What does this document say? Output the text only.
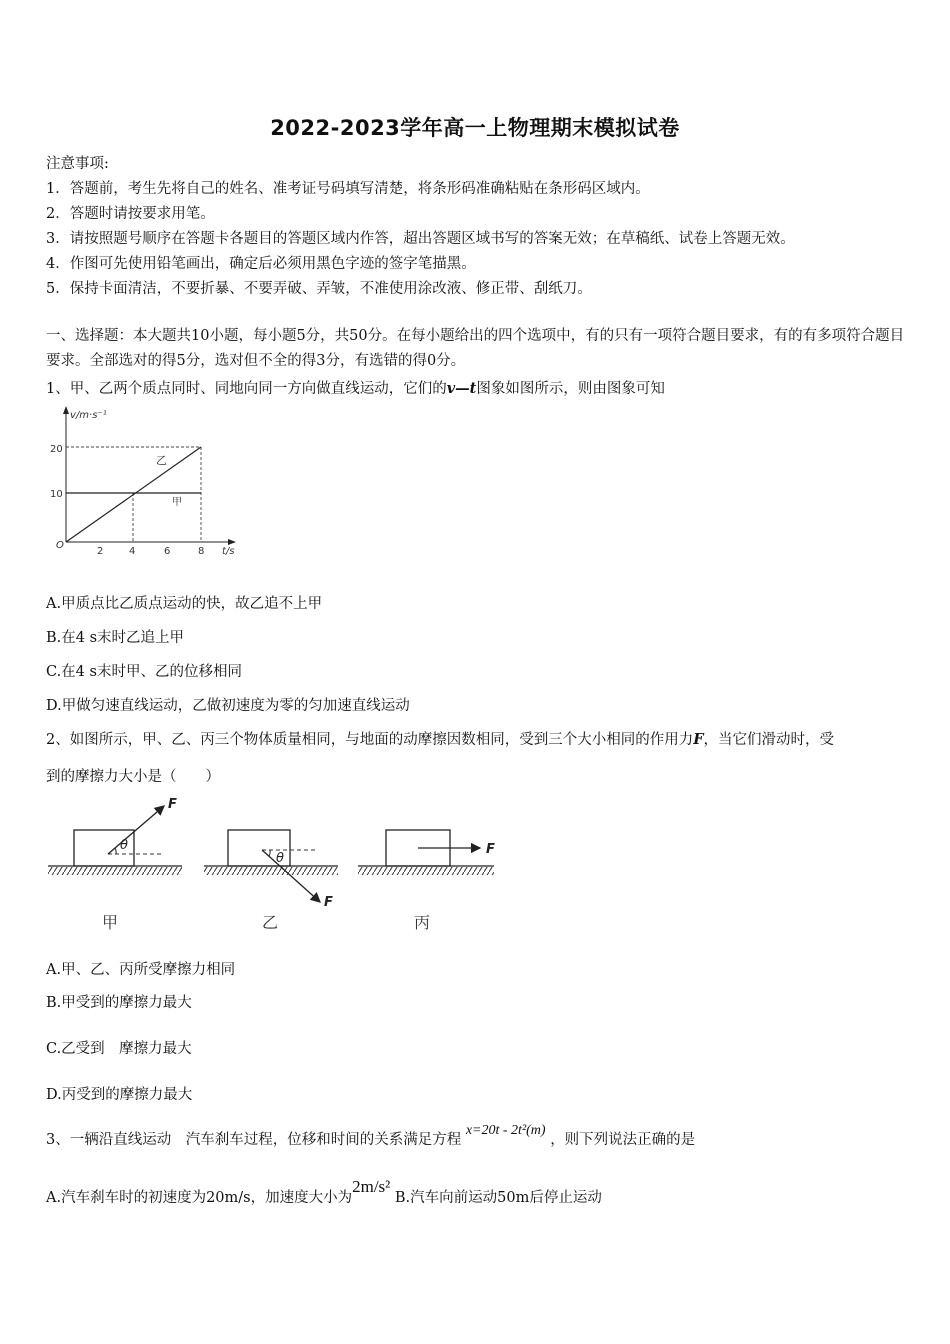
2022-2023学年高一上物理期末模拟试卷
注意事项:
1．答题前，考生先将自己的姓名、准考证号码填写清楚，将条形码准确粘贴在条形码区域内。
2．答题时请按要求用笔。
3．请按照题号顺序在答题卡各题目的答题区域内作答，超出答题区域书写的答案无效；在草稿纸、试卷上答题无效。
4．作图可先使用铅笔画出，确定后必须用黑色字迹的签字笔描黑。
5．保持卡面清洁，不要折暴、不要弄破、弄皱，不准使用涂改液、修正带、刮纸刀。
一、选择题：本大题共10小题，每小题5分，共50分。在每小题给出的四个选项中，有的只有一项符合题目要求，有的有多项符合题目要求。全部选对的得5分，选对但不全的得3分，有选错的得0分。
1、甲、乙两个质点同时、同地向同一方向做直线运动，它们的v—t图象如图所示，则由图象可知
v/m·s⁻¹
t/s
O
20
10
2	4	6	8
乙
甲
A.甲质点比乙质点运动的快，故乙追不上甲
B.在4 s末时乙追上甲
C.在4 s末时甲、乙的位移相同
D.甲做匀速直线运动，乙做初速度为零的匀加速直线运动
2、如图所示，甲、乙、丙三个物体质量相同，与地面的动摩擦因数相同，受到三个大小相同的作用力F，当它们滑动时，受
到的摩擦力大小是（　　）
θ
F
甲
θ
F
乙
F
丙
A.甲、乙、丙所受摩擦力相同
B.甲受到的摩擦力最大
C.乙受到　摩擦力最大
D.丙受到的摩擦力最大
3、一辆沿直线运动　汽车刹车过程，位移和时间的关系满足方程 x=20t - 2t²(m) ，则下列说法正确的是
A.汽车刹车时的初速度为20m/s，加速度大小为2m/s² B.汽车向前运动50m后停止运动
